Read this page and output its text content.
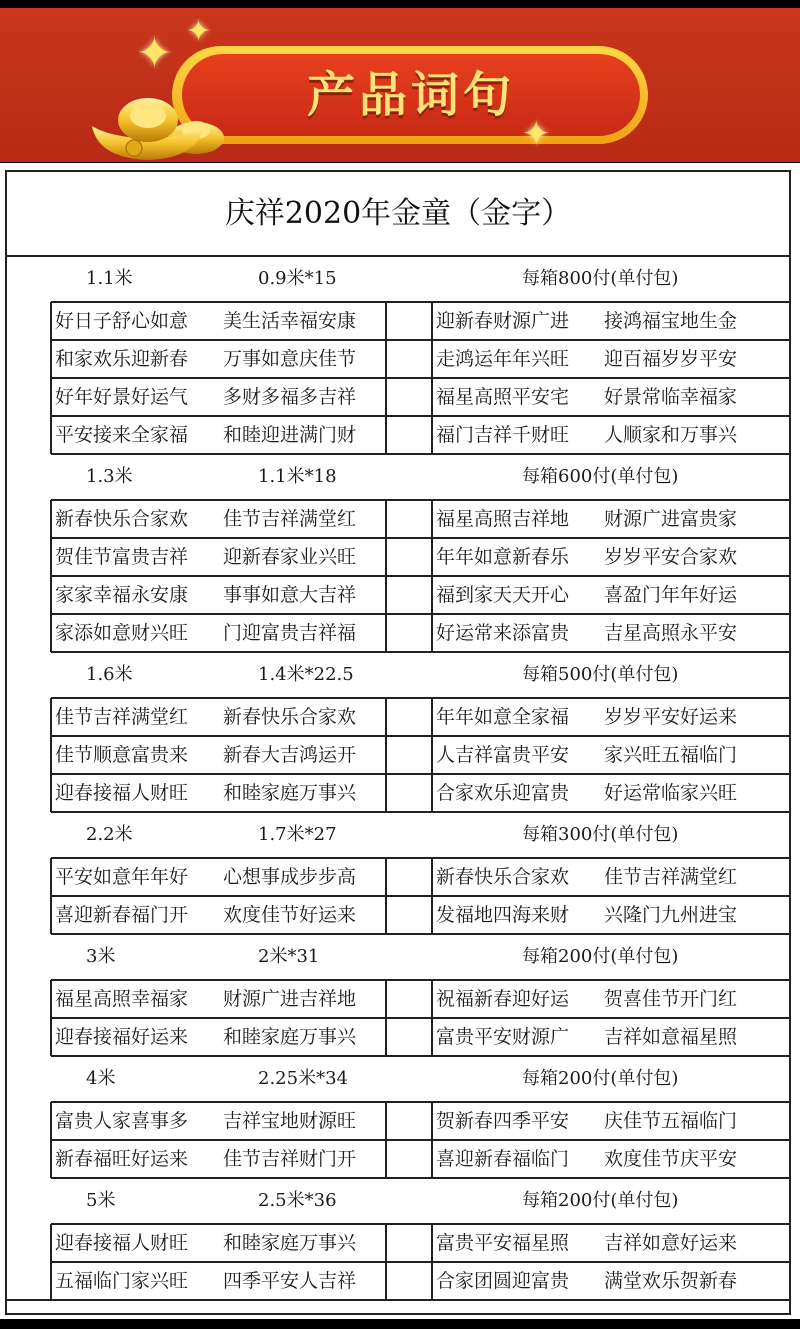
产品词句
✦ ✦
✦
庆祥2020年金童（金字）
1.1米	0.9米*15	每箱800付(单付包)
好日子舒心如意 美生活幸福安康	迎新春财源广进 接鸿福宝地生金
和家欢乐迎新春 万事如意庆佳节	走鸿运年年兴旺 迎百福岁岁平安
好年好景好运气 多财多福多吉祥	福星高照平安宅 好景常临幸福家
平安接来全家福 和睦迎进满门财	福门吉祥千财旺 人顺家和万事兴
1.3米	1.1米*18	每箱600付(单付包)
新春快乐合家欢 佳节吉祥满堂红	福星高照吉祥地 财源广进富贵家
贺佳节富贵吉祥 迎新春家业兴旺	年年如意新春乐 岁岁平安合家欢
家家幸福永安康 事事如意大吉祥	福到家天天开心 喜盈门年年好运
家添如意财兴旺 门迎富贵吉祥福	好运常来添富贵 吉星高照永平安
1.6米	1.4米*22.5	每箱500付(单付包)
佳节吉祥满堂红 新春快乐合家欢	年年如意全家福 岁岁平安好运来
佳节顺意富贵来 新春大吉鸿运开	人吉祥富贵平安 家兴旺五福临门
迎春接福人财旺 和睦家庭万事兴	合家欢乐迎富贵 好运常临家兴旺
2.2米	1.7米*27	每箱300付(单付包)
平安如意年年好 心想事成步步高	新春快乐合家欢 佳节吉祥满堂红
喜迎新春福门开 欢度佳节好运来	发福地四海来财 兴隆门九州进宝
3米	2米*31	每箱200付(单付包)
福星高照幸福家 财源广进吉祥地	祝福新春迎好运 贺喜佳节开门红
迎春接福好运来 和睦家庭万事兴	富贵平安财源广 吉祥如意福星照
4米	2.25米*34	每箱200付(单付包)
富贵人家喜事多 吉祥宝地财源旺	贺新春四季平安 庆佳节五福临门
新春福旺好运来 佳节吉祥财门开	喜迎新春福临门 欢度佳节庆平安
5米	2.5米*36	每箱200付(单付包)
迎春接福人财旺 和睦家庭万事兴	富贵平安福星照 吉祥如意好运来
五福临门家兴旺 四季平安人吉祥	合家团圆迎富贵 满堂欢乐贺新春
